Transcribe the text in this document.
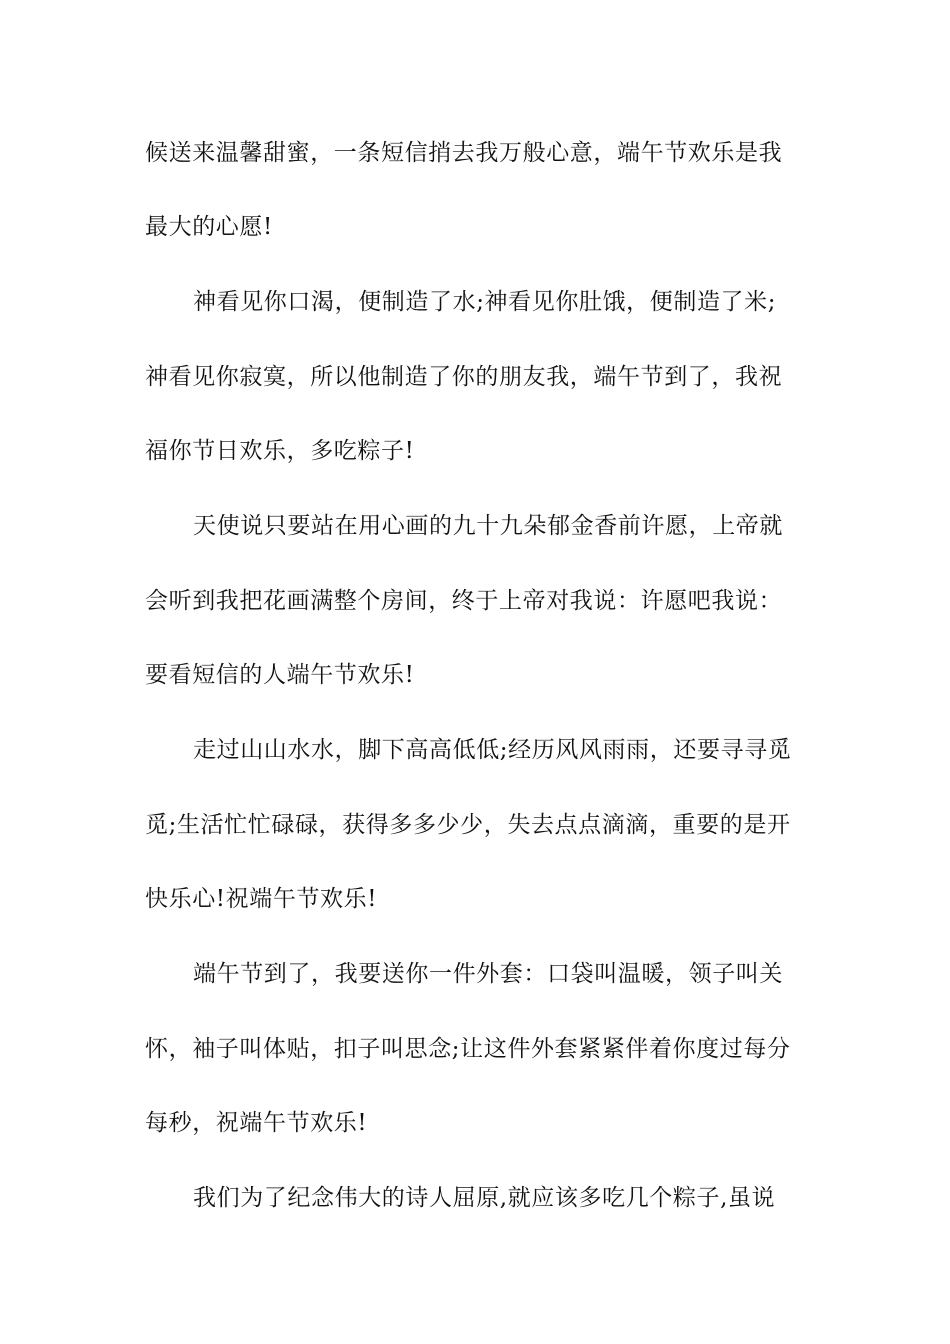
候送来温馨甜蜜，一条短信捎去我万般心意，端午节欢乐是我
最大的心愿!
神看见你口渴，便制造了水;神看见你肚饿，便制造了米;
神看见你寂寞，所以他制造了你的朋友我，端午节到了，我祝
福你节日欢乐，多吃粽子!
天使说只要站在用心画的九十九朵郁金香前许愿，上帝就
会听到我把花画满整个房间，终于上帝对我说：许愿吧我说：
要看短信的人端午节欢乐!
走过山山水水，脚下高高低低;经历风风雨雨，还要寻寻觅
觅;生活忙忙碌碌，获得多多少少，失去点点滴滴，重要的是开
快乐心!祝端午节欢乐!
端午节到了，我要送你一件外套：口袋叫温暖，领子叫关
怀，袖子叫体贴，扣子叫思念;让这件外套紧紧伴着你度过每分
每秒，祝端午节欢乐!
我们为了纪念伟大的诗人屈原,就应该多吃几个粽子,虽说
